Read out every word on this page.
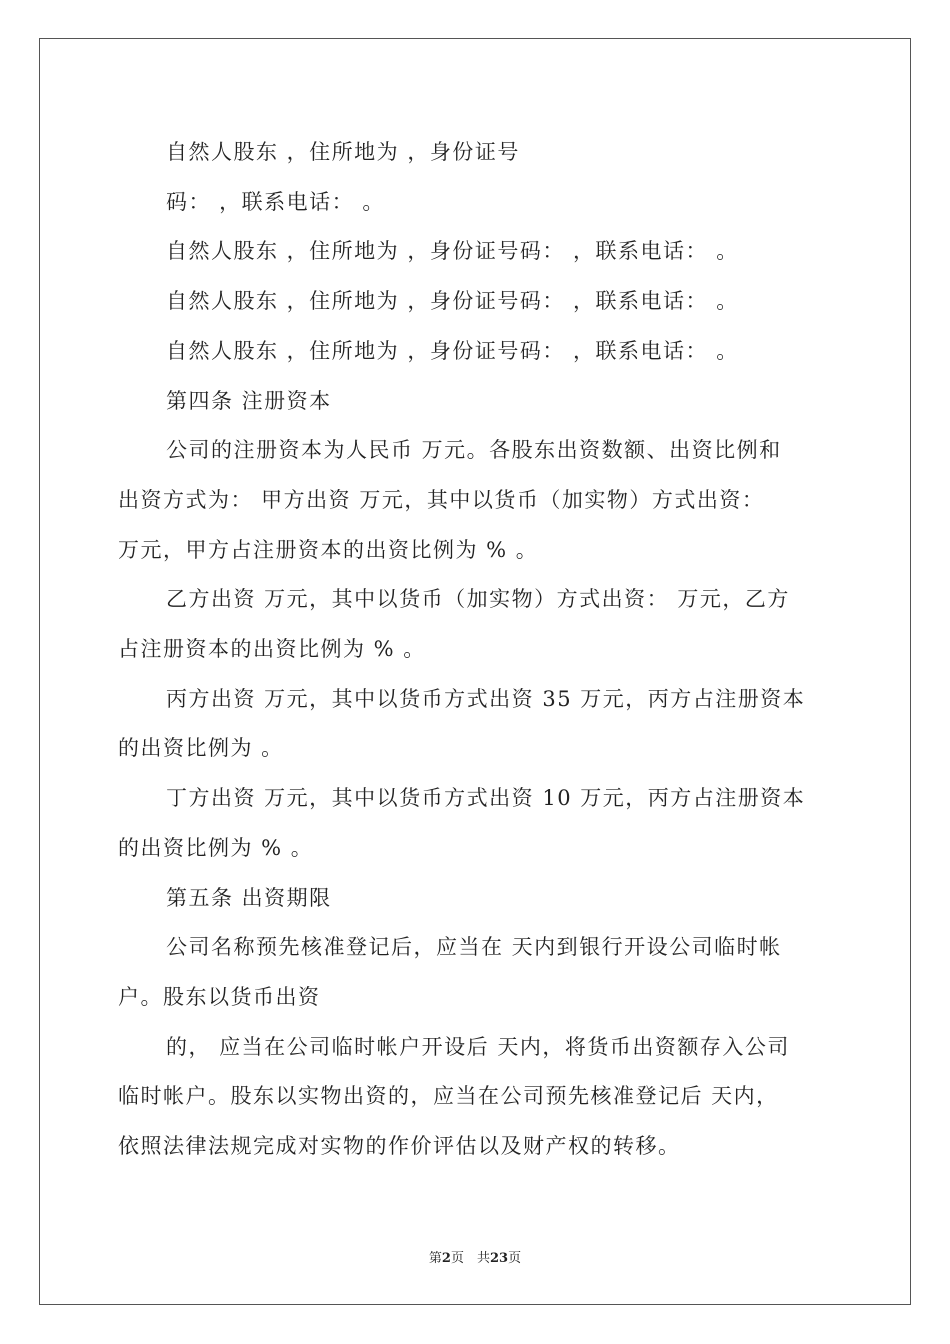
自然人股东 ，住所地为 ，身份证号

码： ，联系电话： 。

自然人股东 ，住所地为 ，身份证号码： ，联系电话： 。

自然人股东 ，住所地为 ，身份证号码： ，联系电话： 。

自然人股东 ，住所地为 ，身份证号码： ，联系电话： 。

第四条 注册资本

公司的注册资本为人民币 万元。各股东出资数额、出资比例和

出资方式为： 甲方出资 万元，其中以货币（加实物）方式出资：

万元，甲方占注册资本的出资比例为 % 。

乙方出资 万元，其中以货币（加实物）方式出资： 万元，乙方

占注册资本的出资比例为 % 。

丙方出资 万元，其中以货币方式出资 35 万元，丙方占注册资本

的出资比例为 。

丁方出资 万元，其中以货币方式出资 10 万元，丙方占注册资本

的出资比例为 % 。

第五条 出资期限

公司名称预先核准登记后，应当在 天内到银行开设公司临时帐

户。股东以货币出资

的， 应当在公司临时帐户开设后 天内，将货币出资额存入公司

临时帐户。股东以实物出资的，应当在公司预先核准登记后 天内，

依照法律法规完成对实物的作价评估以及财产权的转移。

第2页　共23页
